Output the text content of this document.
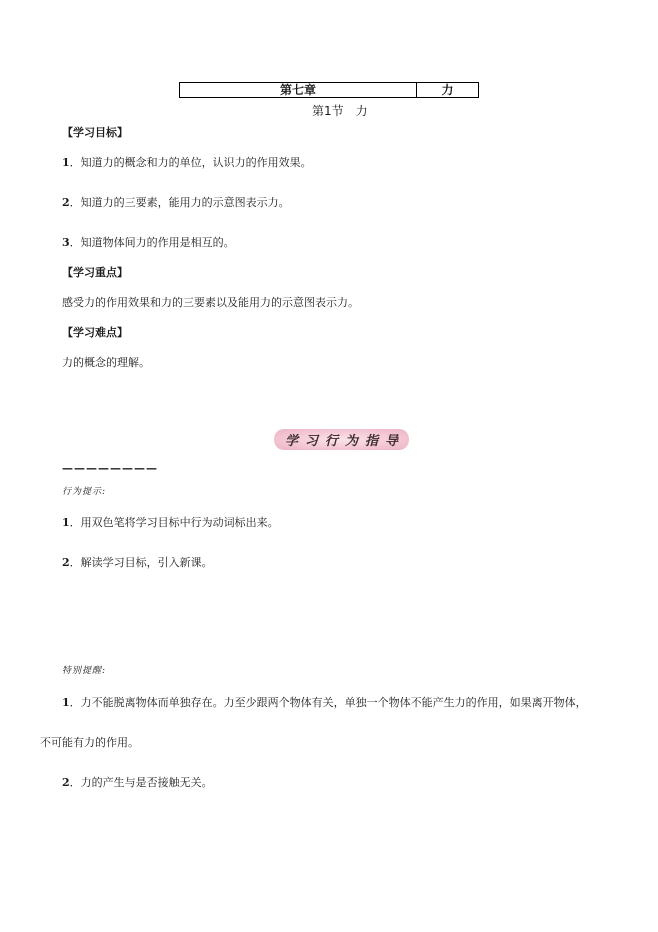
第七章	力
第1节　力
【学习目标】
1．知道力的概念和力的单位，认识力的作用效果。
2．知道力的三要素，能用力的示意图表示力。
3．知道物体间力的作用是相互的。
【学习重点】
感受力的作用效果和力的三要素以及能用力的示意图表示力。
【学习难点】
力的概念的理解。
学习行为指导
————————
行为提示:
1．用双色笔将学习目标中行为动词标出来。
2．解读学习目标，引入新课。
特别提醒:
1．力不能脱离物体而单独存在。力至少跟两个物体有关，单独一个物体不能产生力的作用，如果离开物体，
不可能有力的作用。
2．力的产生与是否接触无关。
